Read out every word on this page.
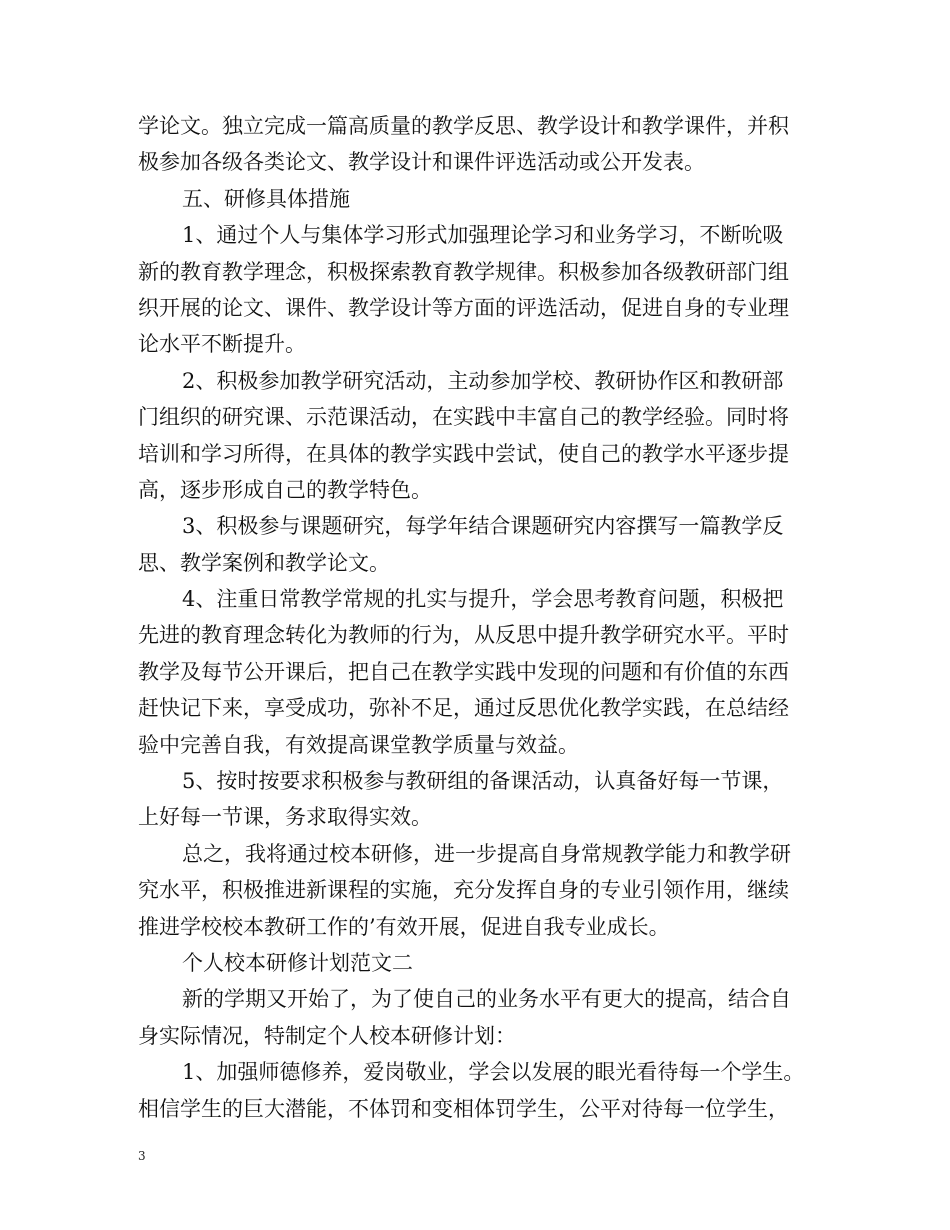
学论文。独立完成一篇高质量的教学反思、教学设计和教学课件，并积
极参加各级各类论文、教学设计和课件评选活动或公开发表。
五、研修具体措施
1、通过个人与集体学习形式加强理论学习和业务学习，不断吮吸
新的教育教学理念，积极探索教育教学规律。积极参加各级教研部门组
织开展的论文、课件、教学设计等方面的评选活动，促进自身的专业理
论水平不断提升。
2、积极参加教学研究活动，主动参加学校、教研协作区和教研部
门组织的研究课、示范课活动，在实践中丰富自己的教学经验。同时将
培训和学习所得，在具体的教学实践中尝试，使自己的教学水平逐步提
高，逐步形成自己的教学特色。
3、积极参与课题研究，每学年结合课题研究内容撰写一篇教学反
思、教学案例和教学论文。
4、注重日常教学常规的扎实与提升，学会思考教育问题，积极把
先进的教育理念转化为教师的行为，从反思中提升教学研究水平。平时
教学及每节公开课后，把自己在教学实践中发现的问题和有价值的东西
赶快记下来，享受成功，弥补不足，通过反思优化教学实践，在总结经
验中完善自我，有效提高课堂教学质量与效益。
5、按时按要求积极参与教研组的备课活动，认真备好每一节课，
上好每一节课，务求取得实效。
总之，我将通过校本研修，进一步提高自身常规教学能力和教学研
究水平，积极推进新课程的实施，充分发挥自身的专业引领作用，继续
推进学校校本教研工作的’有效开展，促进自我专业成长。
个人校本研修计划范文二
新的学期又开始了，为了使自己的业务水平有更大的提高，结合自
身实际情况，特制定个人校本研修计划：
1、加强师德修养，爱岗敬业，学会以发展的眼光看待每一个学生。
相信学生的巨大潜能，不体罚和变相体罚学生，公平对待每一位学生，
3
